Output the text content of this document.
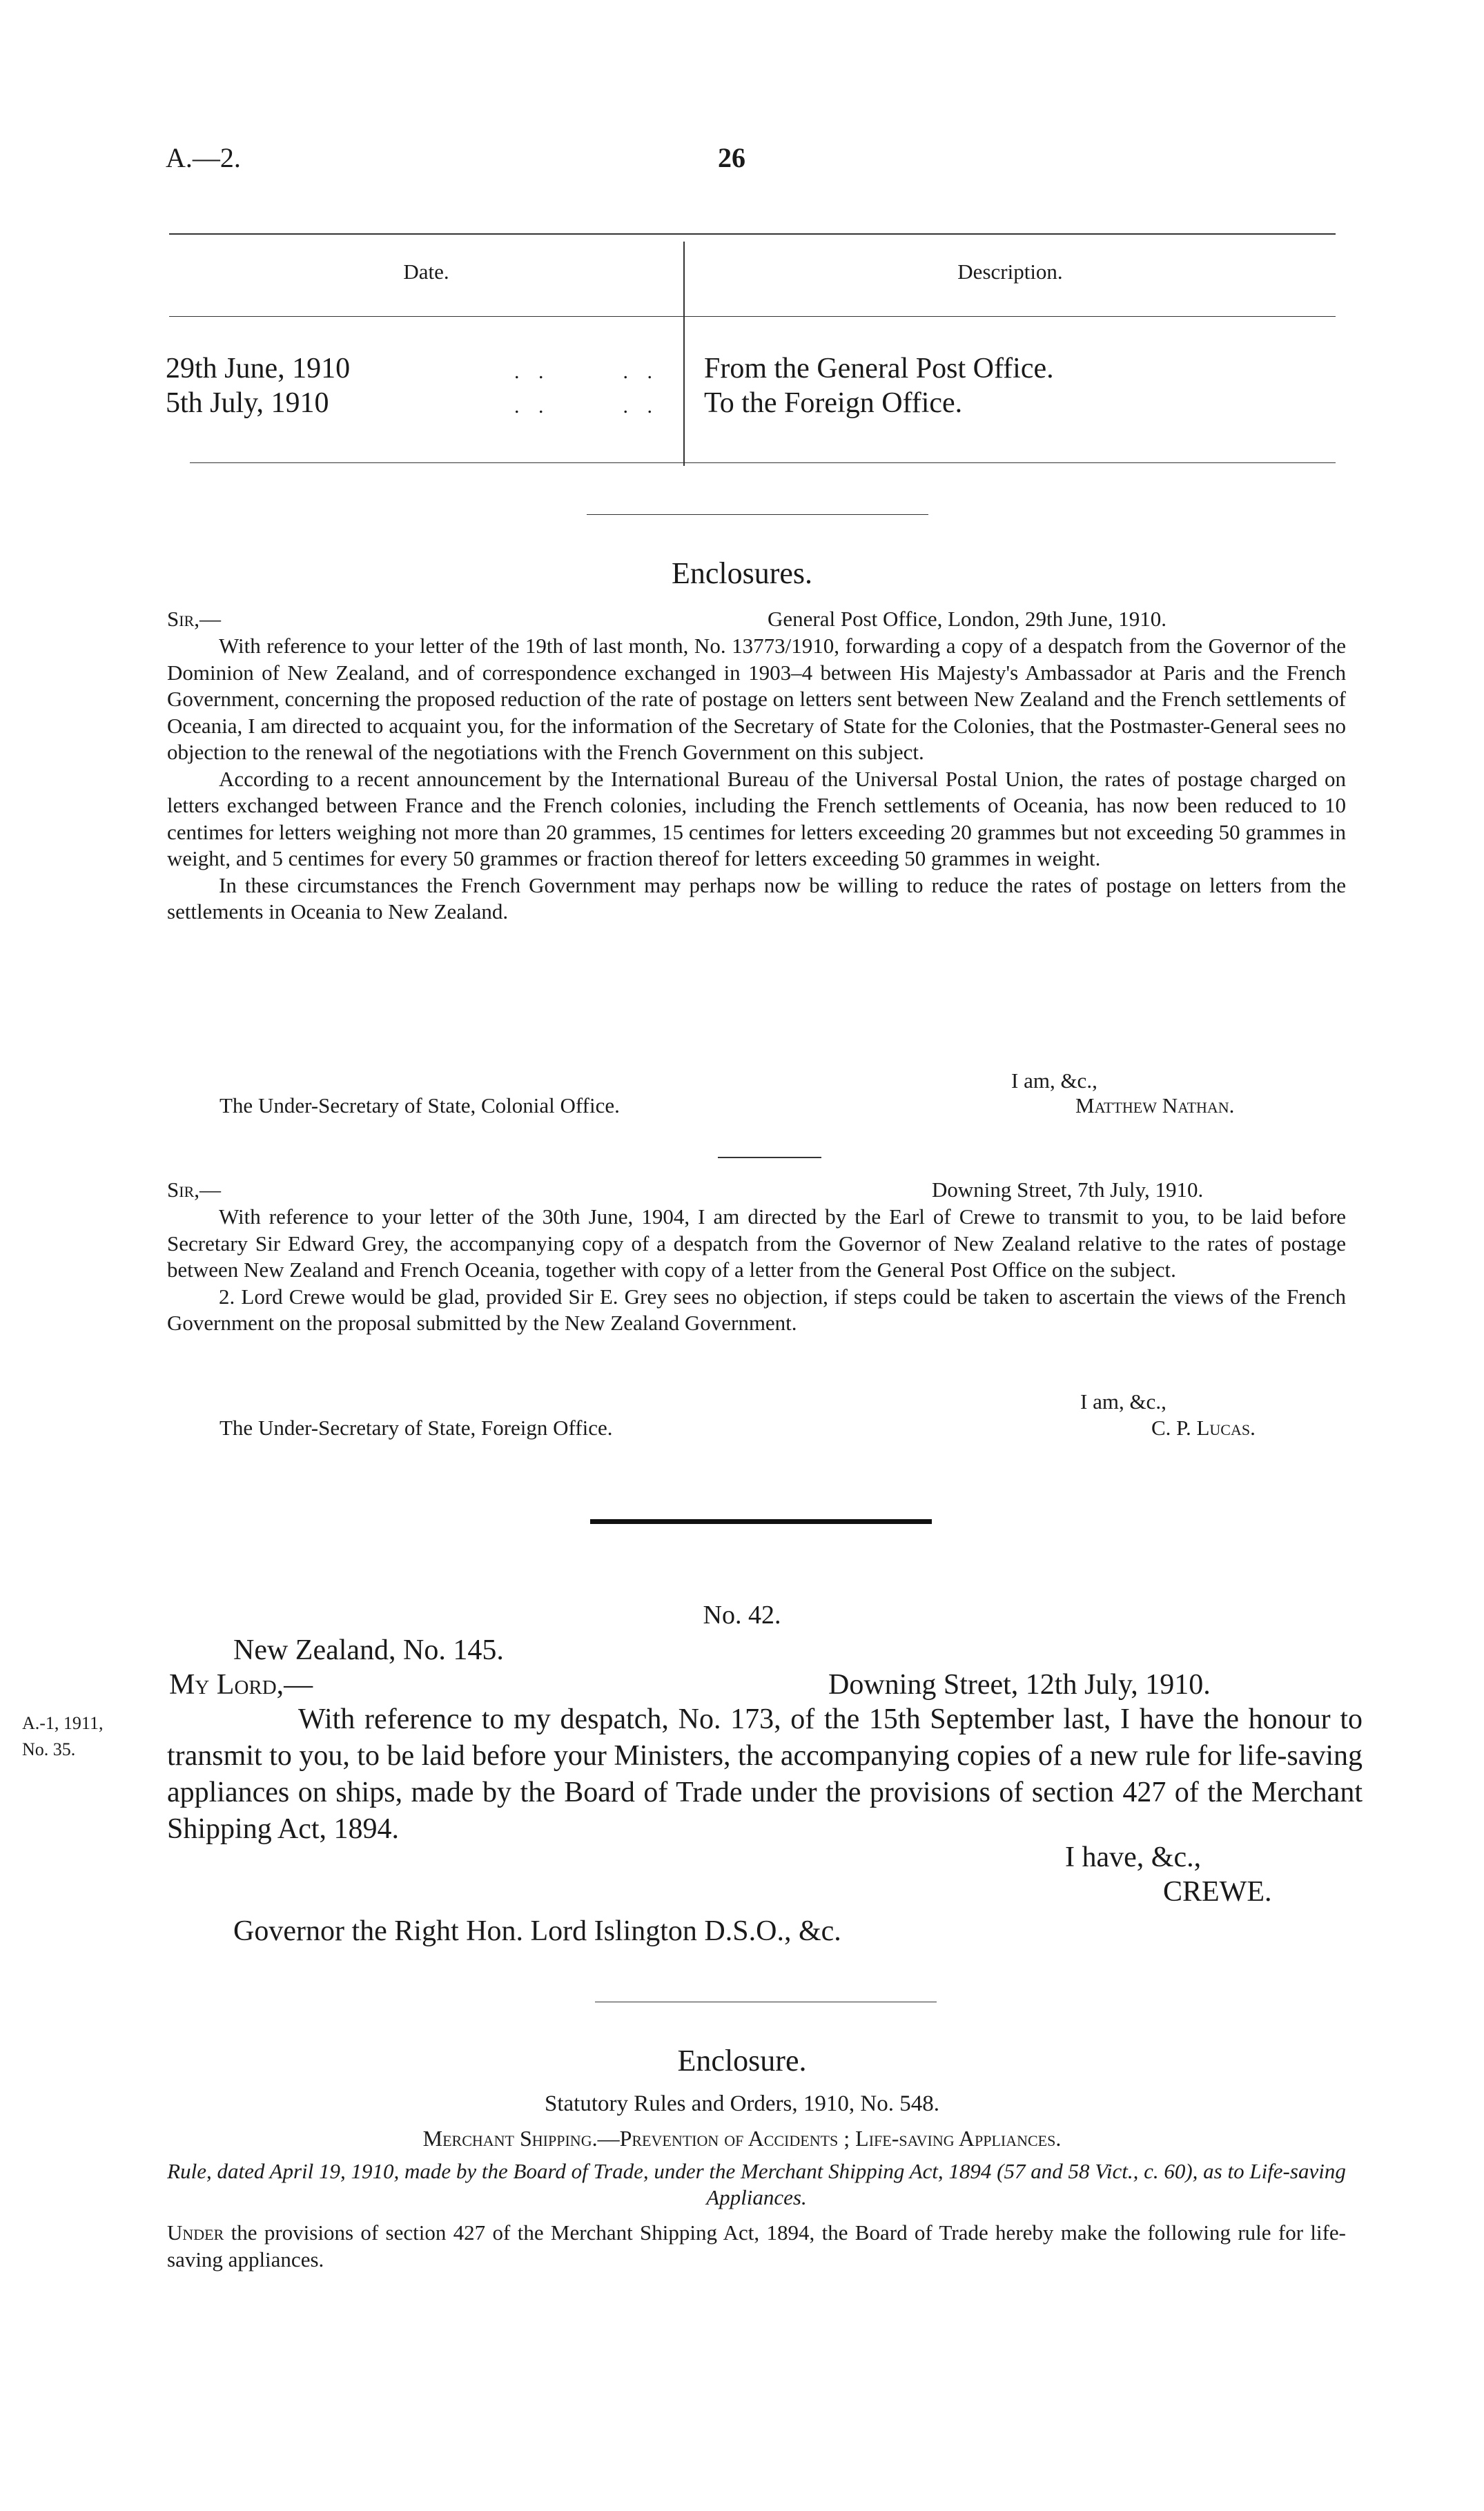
A.—2.	26
Date.	Description.
29th June, 1910	. .      . . From the General Post Office.
5th July, 1910	. .      . . To the Foreign Office.
Enclosures.
Sir,—	General Post Office, London, 29th June, 1910.

With reference to your letter of the 19th of last month, No. 13773/1910, forwarding a copy of a despatch from the Governor of the Dominion of New Zealand, and of correspondence exchanged in 1903–4 between His Majesty's Ambassador at Paris and the French Government, concerning the proposed reduction of the rate of postage on letters sent between New Zealand and the French settlements of Oceania, I am directed to acquaint you, for the information of the Secretary of State for the Colonies, that the Postmaster-General sees no objection to the renewal of the negotiations with the French Government on this subject.

According to a recent announcement by the International Bureau of the Universal Postal Union, the rates of postage charged on letters exchanged between France and the French colonies, including the French settlements of Oceania, has now been reduced to 10 centimes for letters weighing not more than 20 grammes, 15 centimes for letters exceeding 20 grammes but not exceeding 50 grammes in weight, and 5 centimes for every 50 grammes or fraction thereof for letters exceeding 50 grammes in weight.

In these circumstances the French Government may perhaps now be willing to reduce the rates of postage on letters from the settlements in Oceania to New Zealand.

I am, &c.,
The Under-Secretary of State, Colonial Office.	Matthew Nathan.
Sir,—	Downing Street, 7th July, 1910.

With reference to your letter of the 30th June, 1904, I am directed by the Earl of Crewe to transmit to you, to be laid before Secretary Sir Edward Grey, the accompanying copy of a despatch from the Governor of New Zealand relative to the rates of postage between New Zealand and French Oceania, together with copy of a letter from the General Post Office on the subject.

2. Lord Crewe would be glad, provided Sir E. Grey sees no objection, if steps could be taken to ascertain the views of the French Government on the proposal submitted by the New Zealand Government.

I am, &c.,
The Under-Secretary of State, Foreign Office.	C. P. Lucas.
No. 42.
New Zealand, No. 145.
My Lord,—	Downing Street, 12th July, 1910.
A.-1, 1911,
No. 35.

With reference to my despatch, No. 173, of the 15th September last, I have the honour to transmit to you, to be laid before your Ministers, the accompanying copies of a new rule for life-saving appliances on ships, made by the Board of Trade under the provisions of section 427 of the Merchant Shipping Act, 1894.

I have, &c.,
CREWE.
Governor the Right Hon. Lord Islington D.S.O., &c.
Enclosure.
Statutory Rules and Orders, 1910, No. 548.
Merchant Shipping.—Prevention of Accidents ; Life-saving Appliances.
Rule, dated April 19, 1910, made by the Board of Trade, under the Merchant Shipping Act, 1894 (57 and 58 Vict., c. 60), as to Life-saving Appliances.

Under the provisions of section 427 of the Merchant Shipping Act, 1894, the Board of Trade hereby make the following rule for life-saving appliances.
